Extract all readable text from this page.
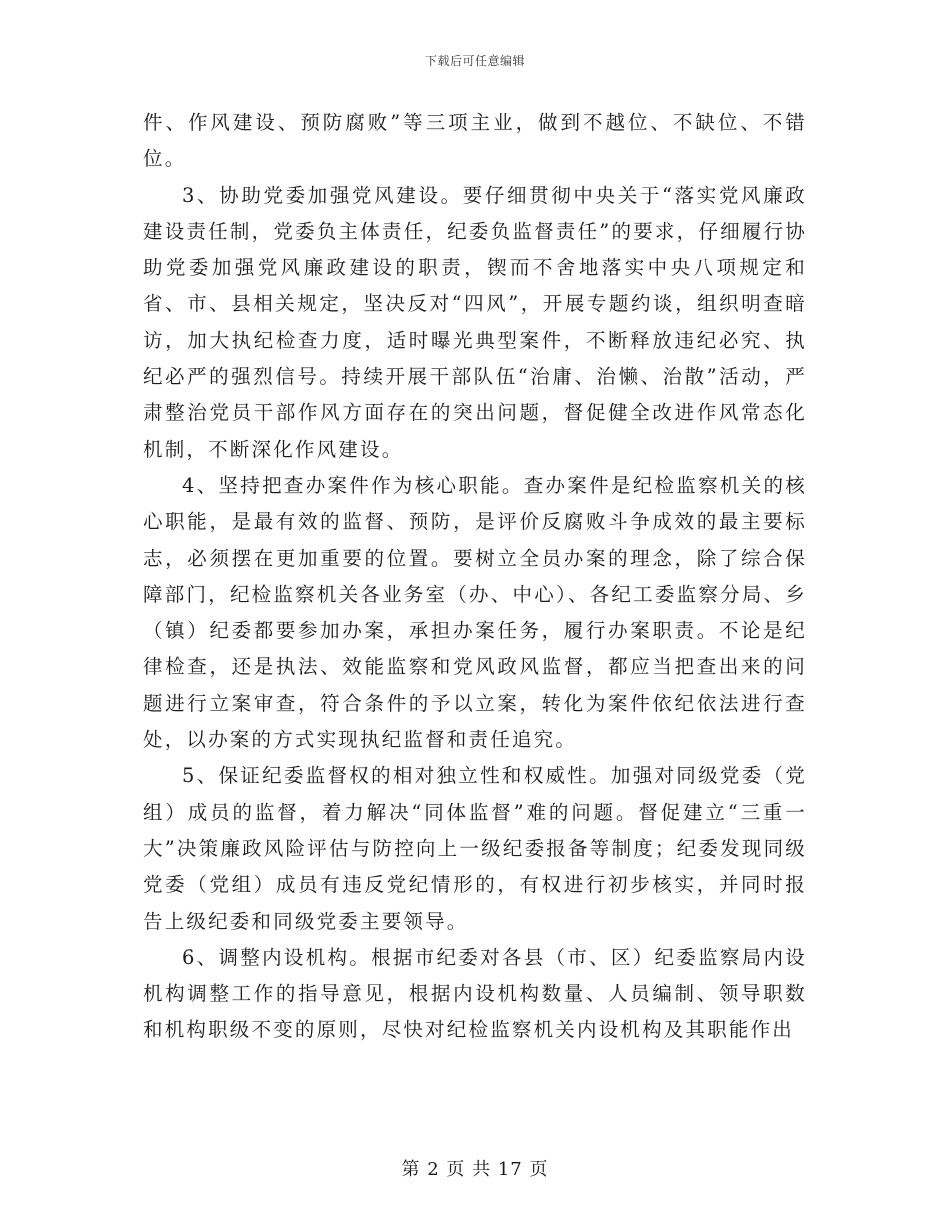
下载后可任意编辑

件、作风建设、预防腐败”等三项主业，做到不越位、不缺位、不错位。

3、协助党委加强党风建设。要仔细贯彻中央关于“落实党风廉政建设责任制，党委负主体责任，纪委负监督责任”的要求，仔细履行协助党委加强党风廉政建设的职责，锲而不舍地落实中央八项规定和省、市、县相关规定，坚决反对“四风”，开展专题约谈，组织明查暗访，加大执纪检查力度，适时曝光典型案件，不断释放违纪必究、执纪必严的强烈信号。持续开展干部队伍“治庸、治懒、治散”活动，严肃整治党员干部作风方面存在的突出问题，督促健全改进作风常态化机制，不断深化作风建设。

4、坚持把查办案件作为核心职能。查办案件是纪检监察机关的核心职能，是最有效的监督、预防，是评价反腐败斗争成效的最主要标志，必须摆在更加重要的位置。要树立全员办案的理念，除了综合保障部门，纪检监察机关各业务室（办、中心）、各纪工委监察分局、乡（镇）纪委都要参加办案，承担办案任务，履行办案职责。不论是纪律检查，还是执法、效能监察和党风政风监督，都应当把查出来的问题进行立案审查，符合条件的予以立案，转化为案件依纪依法进行查处，以办案的方式实现执纪监督和责任追究。

5、保证纪委监督权的相对独立性和权威性。加强对同级党委（党组）成员的监督，着力解决“同体监督”难的问题。督促建立“三重一大”决策廉政风险评估与防控向上一级纪委报备等制度；纪委发现同级党委（党组）成员有违反党纪情形的，有权进行初步核实，并同时报告上级纪委和同级党委主要领导。

6、调整内设机构。根据市纪委对各县（市、区）纪委监察局内设机构调整工作的指导意见，根据内设机构数量、人员编制、领导职数和机构职级不变的原则，尽快对纪检监察机关内设机构及其职能作出

第 2 页 共 17 页
